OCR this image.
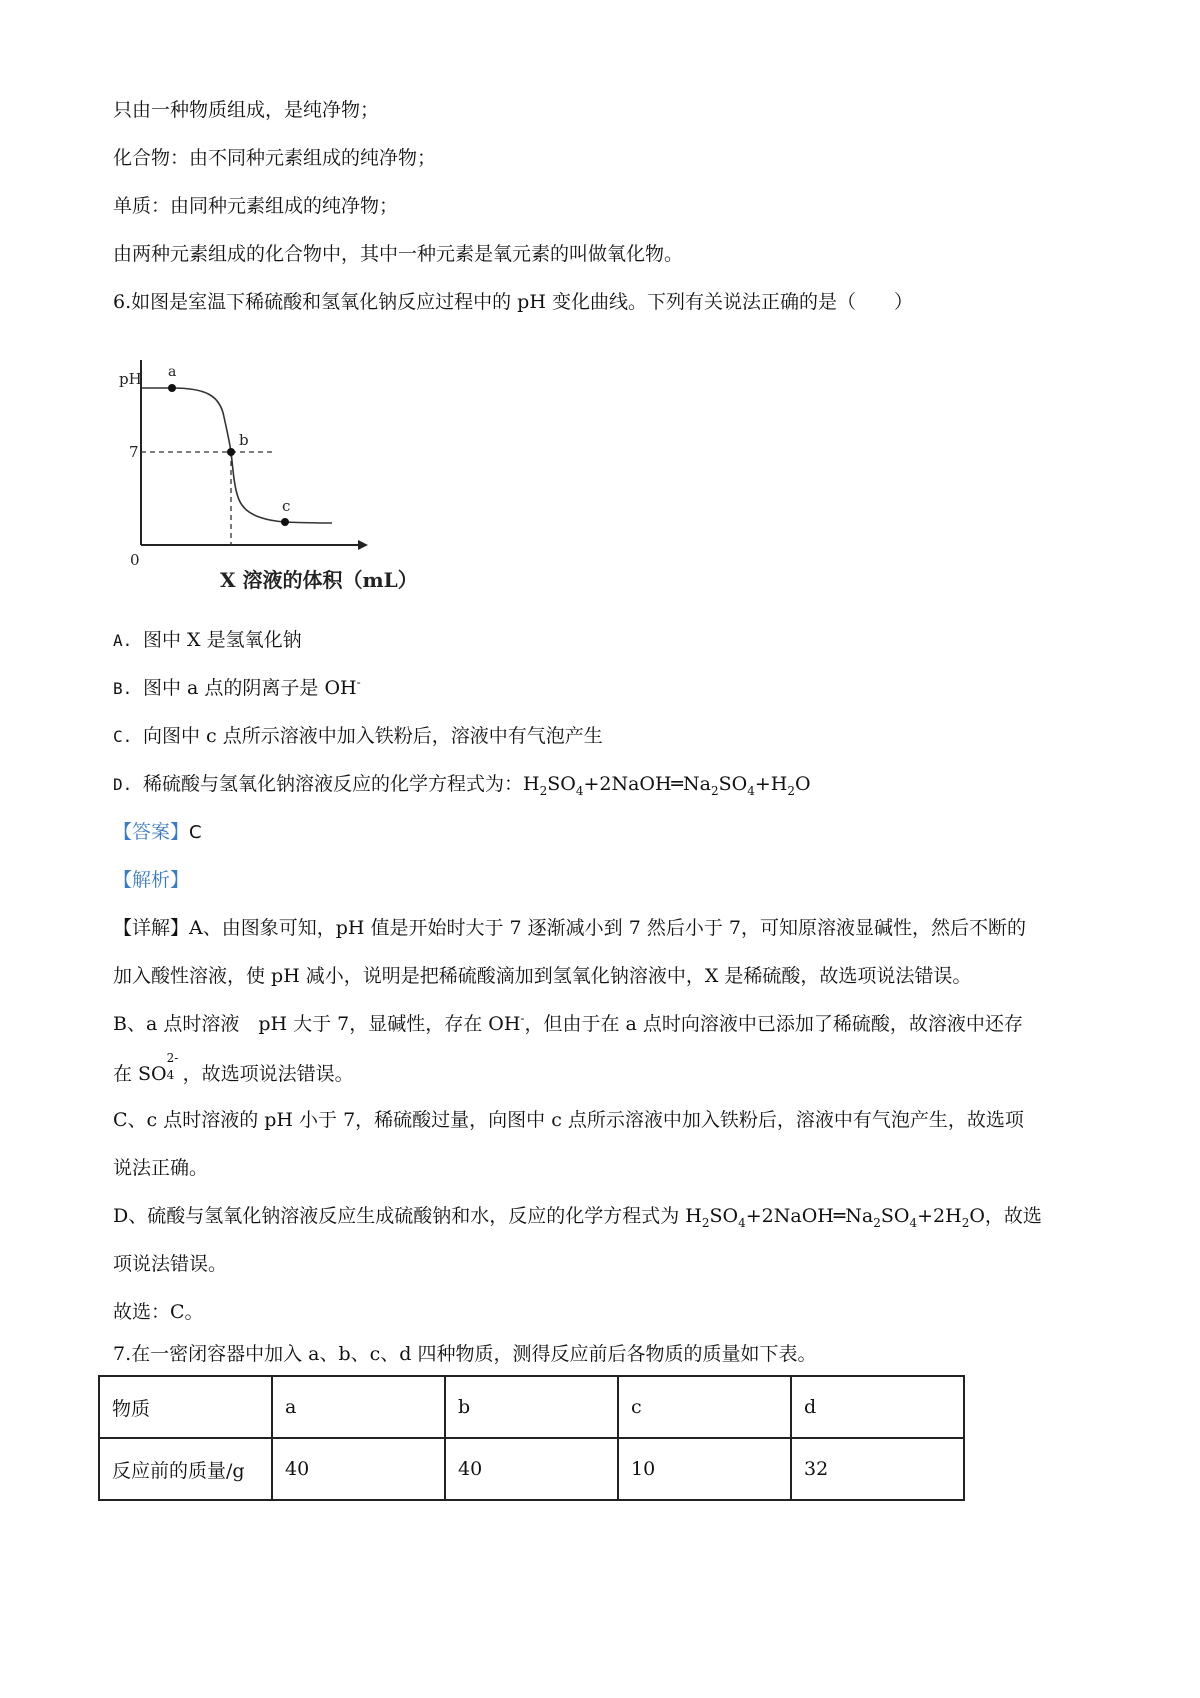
只由一种物质组成，是纯净物；
化合物：由不同种元素组成的纯净物；
单质：由同种元素组成的纯净物；
由两种元素组成的化合物中，其中一种元素是氧元素的叫做氧化物。
6.如图是室温下稀硫酸和氢氧化钠反应过程中的 pH 变化曲线。下列有关说法正确的是（　　）
pH
7
0
a
b
c
X 溶液的体积（mL）
A. 图中 X 是氢氧化钠
B. 图中 a 点的阴离子是 OH-
C. 向图中 c 点所示溶液中加入铁粉后，溶液中有气泡产生
D. 稀硫酸与氢氧化钠溶液反应的化学方程式为：$H_2SO_4+2NaOH═Na_2SO_4+H_2O$
【答案】C
【解析】
【详解】A、由图象可知，pH 值是开始时大于 7 逐渐减小到 7 然后小于 7，可知原溶液显碱性，然后不断的
加入酸性溶液，使 pH 减小，说明是把稀硫酸滴加到氢氧化钠溶液中，X 是稀硫酸，故选项说法错误。
B、a 点时溶液　pH 大于 7，显碱性，存在 OH-，但由于在 a 点时向溶液中已添加了稀硫酸，故溶液中还存
在 SO 4
2-
，故选项说法错误。
C、c 点时溶液的 pH 小于 7，稀硫酸过量，向图中 c 点所示溶液中加入铁粉后，溶液中有气泡产生，故选项
说法正确。
D、硫酸与氢氧化钠溶液反应生成硫酸钠和水，反应的化学方程式为 $H_2SO_4+2NaOH═Na_2SO_4+2H_2O$，故选
项说法错误。
故选：C。
7.在一密闭容器中加入 a、b、c、d 四种物质，测得反应前后各物质的质量如下表。
物质	a	b	c	d
反应前的质量/g	40	40	10	32
